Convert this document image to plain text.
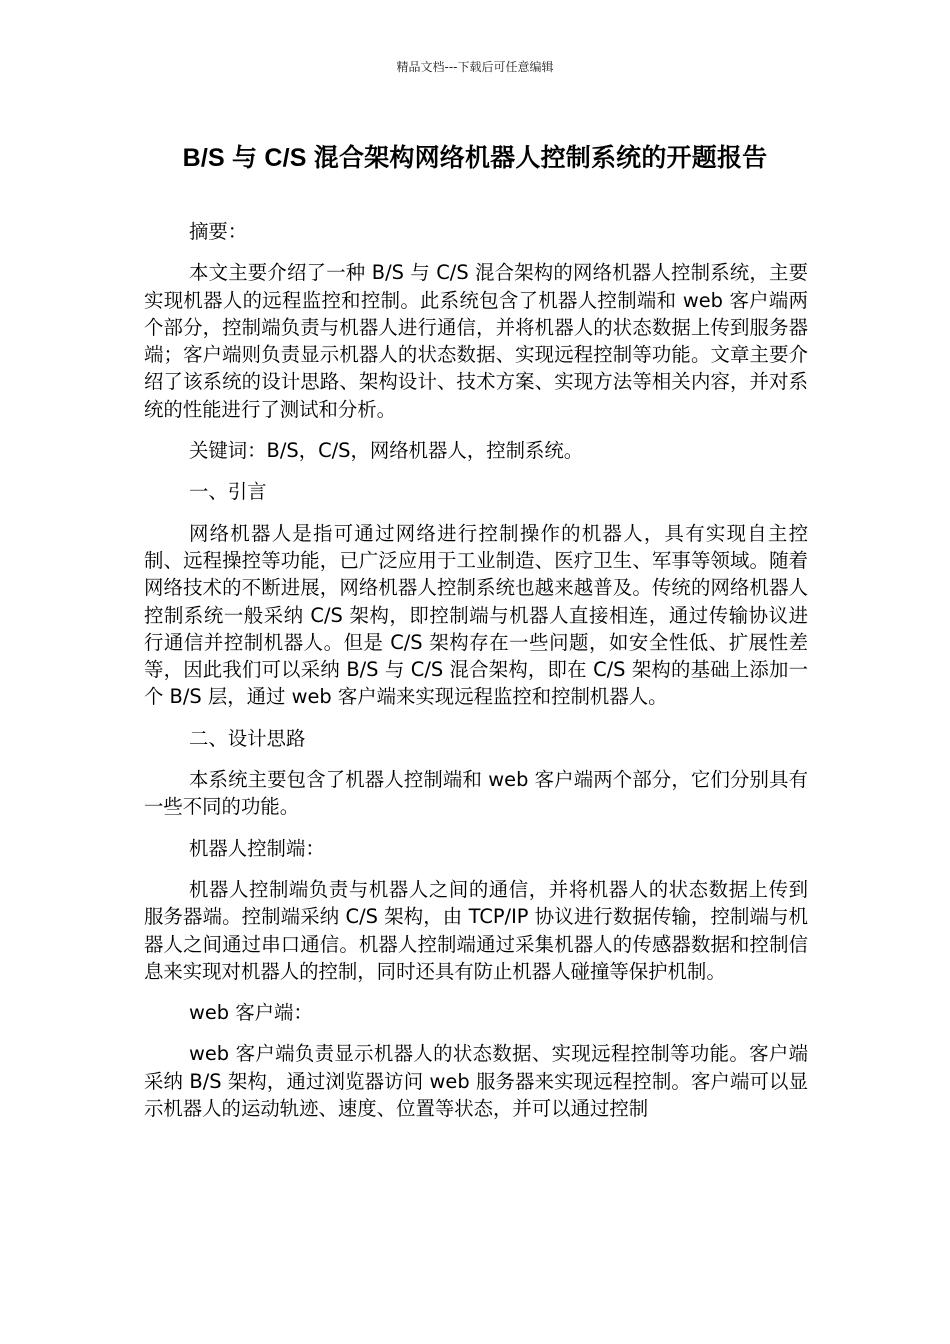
精品文档---下载后可任意编辑
B/S 与 C/S 混合架构网络机器人控制系统的开题报告

摘要：

本文主要介绍了一种 B/S 与 C/S 混合架构的网络机器人控制系统，主要实现机器人的远程监控和控制。此系统包含了机器人控制端和 web 客户端两个部分，控制端负责与机器人进行通信，并将机器人的状态数据上传到服务器端；客户端则负责显示机器人的状态数据、实现远程控制等功能。文章主要介绍了该系统的设计思路、架构设计、技术方案、实现方法等相关内容，并对系统的性能进行了测试和分析。

关键词：B/S，C/S，网络机器人，控制系统。

一、引言

网络机器人是指可通过网络进行控制操作的机器人，具有实现自主控制、远程操控等功能，已广泛应用于工业制造、医疗卫生、军事等领域。随着网络技术的不断进展，网络机器人控制系统也越来越普及。传统的网络机器人控制系统一般采纳 C/S 架构，即控制端与机器人直接相连，通过传输协议进行通信并控制机器人。但是 C/S 架构存在一些问题，如安全性低、扩展性差等，因此我们可以采纳 B/S 与 C/S 混合架构，即在 C/S 架构的基础上添加一个 B/S 层，通过 web 客户端来实现远程监控和控制机器人。

二、设计思路

本系统主要包含了机器人控制端和 web 客户端两个部分，它们分别具有一些不同的功能。

机器人控制端：

机器人控制端负责与机器人之间的通信，并将机器人的状态数据上传到服务器端。控制端采纳 C/S 架构，由 TCP/IP 协议进行数据传输，控制端与机器人之间通过串口通信。机器人控制端通过采集机器人的传感器数据和控制信息来实现对机器人的控制，同时还具有防止机器人碰撞等保护机制。

web 客户端：

web 客户端负责显示机器人的状态数据、实现远程控制等功能。客户端采纳 B/S 架构，通过浏览器访问 web 服务器来实现远程控制。客户端可以显示机器人的运动轨迹、速度、位置等状态，并可以通过控制
